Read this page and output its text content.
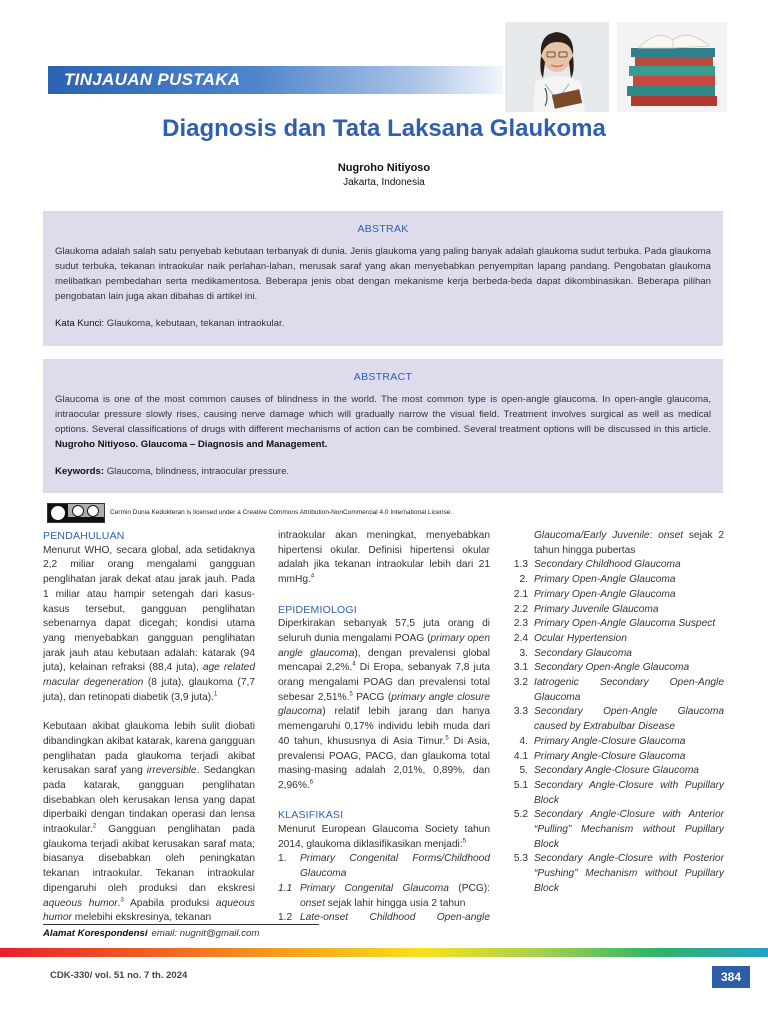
TINJAUAN PUSTAKA
Diagnosis dan Tata Laksana Glaukoma
Nugroho Nitiyoso
Jakarta, Indonesia
ABSTRAK
Glaukoma adalah salah satu penyebab kebutaan terbanyak di dunia. Jenis glaukoma yang paling banyak adalah glaukoma sudut terbuka. Pada glaukoma sudut terbuka, tekanan intraokular naik perlahan-lahan, merusak saraf yang akan menyebabkan penyempitan lapang pandang. Pengobatan glaukoma melibatkan pembedahan serta medikamentosa. Beberapa jenis obat dengan mekanisme kerja berbeda-beda dapat dikombinasikan. Beberapa pilihan pengobatan lain juga akan dibahas di artikel ini.
Kata Kunci: Glaukoma, kebutaan, tekanan intraokular.
ABSTRACT
Glaucoma is one of the most common causes of blindness in the world. The most common type is open-angle glaucoma. In open-angle glaucoma, intraocular pressure slowly rises, causing nerve damage which will gradually narrow the visual field. Treatment involves surgical as well as medical options. Several classifications of drugs with different mechanisms of action can be combined. Several treatment options will be discussed in this article. Nugroho Nitiyoso. Glaucoma – Diagnosis and Management.
Keywords: Glaucoma, blindness, intraocular pressure.
Cermin Dunia Kedokteran is licensed under a Creative Commons Attribution-NonCommercial 4.0 International License.
PENDAHULUAN
Menurut WHO, secara global, ada setidaknya 2,2 miliar orang mengalami gangguan penglihatan jarak dekat atau jarak jauh. Pada 1 miliar atau hampir setengah dari kasus-kasus tersebut, gangguan penglihatan sebenarnya dapat dicegah; kondisi utama yang menyebabkan gangguan penglihatan jarak jauh atau kebutaan adalah: katarak (94 juta), kelainan refraksi (88,4 juta), age related macular degeneration (8 juta), glaukoma (7,7 juta), dan retinopati diabetik (3,9 juta).$^1$
Kebutaan akibat glaukoma lebih sulit diobati dibandingkan akibat katarak, karena gangguan penglihatan pada glaukoma terjadi akibat kerusakan saraf yang irreversible. Sedangkan pada katarak, gangguan penglihatan disebabkan oleh kerusakan lensa yang dapat diperbaiki dengan tindakan operasi dan lensa intraokular.$^2$ Gangguan penglihatan pada glaukoma terjadi akibat kerusakan saraf mata; biasanya disebabkan oleh peningkatan tekanan intraokular. Tekanan intraokular dipengaruhi oleh produksi dan ekskresi aqueous humor.$^3$ Apabila produksi aqueous humor melebihi ekskresinya, tekanan
intraokular akan meningkat, menyebabkan hipertensi okular. Definisi hipertensi okular adalah jika tekanan intraokular lebih dari 21 mmHg.$^4$
EPIDEMIOLOGI
Diperkirakan sebanyak 57,5 juta orang di seluruh dunia mengalami POAG (primary open angle glaucoma), dengan prevalensi global mencapai 2,2%.$^4$ Di Eropa, sebanyak 7,8 juta orang mengalami POAG dan prevalensi total sebesar 2,51%.$^5$ PACG (primary angle closure glaucoma) relatif lebih jarang dan hanya memengaruhi 0,17% individu lebih muda dari 40 tahun, khususnya di Asia Timur.$^5$ Di Asia, prevalensi POAG, PACG, dan glaukoma total masing-masing adalah 2,01%, 0,89%, dan 2,96%.$^6$
KLASIFIKASI
Menurut European Glaucoma Society tahun 2014, glaukoma diklasifikasikan menjadi:$^5$
1.	Primary Congenital Forms/Childhood Glaucoma
1.1 Primary Congenital Glaucoma (PCG): onset sejak lahir hingga usia 2 tahun
1.2 Late-onset Childhood Open-angle
Glaucoma/Early Juvenile: onset sejak 2 tahun hingga pubertas
1.3 Secondary Childhood Glaucoma
2. Primary Open-Angle Glaucoma
2.1 Primary Open-Angle Glaucoma
2.2 Primary Juvenile Glaucoma
2.3 Primary Open-Angle Glaucoma Suspect
2.4 Ocular Hypertension
3. Secondary Glaucoma
3.1 Secondary Open-Angle Glaucoma
3.2 Iatrogenic Secondary Open-Angle Glaucoma
3.3 Secondary Open-Angle Glaucoma caused by Extrabulbar Disease
4. Primary Angle-Closure Glaucoma
4.1 Primary Angle-Closure Glaucoma
5. Secondary Angle-Closure Glaucoma
5.1 Secondary Angle-Closure with Pupillary Block
5.2 Secondary Angle-Closure with Anterior “Pulling” Mechanism without Pupillary Block
5.3 Secondary Angle-Closure with Posterior “Pushing” Mechanism without Pupillary Block
Alamat Korespondensi email: nugnit@gmail.com
CDK-330/ vol. 51 no. 7 th. 2024	384
